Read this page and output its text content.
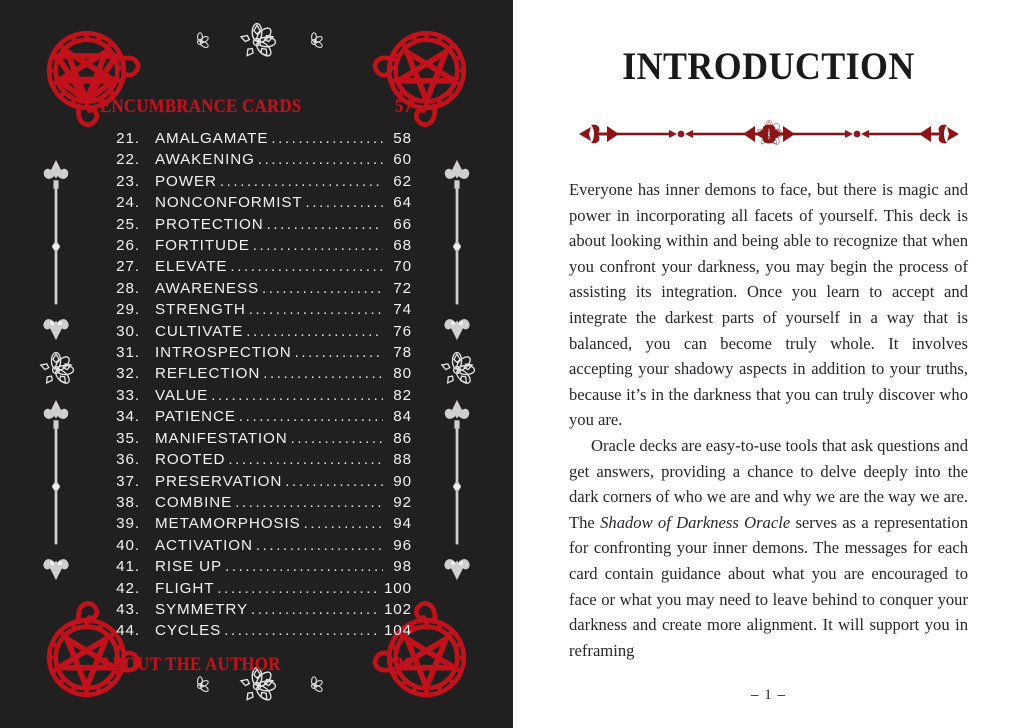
ENCUMBRANCE CARDS	57
21. AMALGAMATE .....	58
22. AWAKENING .....	60
23. POWER .....	62
24. NONCONFORMIST .....	64
25. PROTECTION .....	66
26. FORTITUDE .....	68
27. ELEVATE .....	70
28. AWARENESS .....	72
29. STRENGTH .....	74
30. CULTIVATE .....	76
31. INTROSPECTION .....	78
32. REFLECTION .....	80
33. VALUE .....	82
34. PATIENCE .....	84
35. MANIFESTATION .....	86
36. ROOTED .....	88
37. PRESERVATION .....	90
38. COMBINE .....	92
39. METAMORPHOSIS .....	94
40. ACTIVATION .....	96
41. RISE UP .....	98
42. FLIGHT .....	100
43. SYMMETRY .....	102
44. CYCLES .....	104
ABOUT THE AUTHOR	106
INTRODUCTION

Everyone has inner demons to face, but there is magic and power in incorporating all facets of yourself. This deck is about looking within and being able to recognize that when you confront your darkness, you may begin the process of assisting its integration. Once you learn to accept and integrate the darkest parts of yourself in a way that is balanced, you can become truly whole. It involves accepting your shadowy aspects in addition to your truths, because it’s in the darkness that you can truly discover who you are.

Oracle decks are easy-to-use tools that ask questions and get answers, providing a chance to delve deeply into the dark corners of who we are and why we are the way we are. The Shadow of Darkness Oracle serves as a representation for confronting your inner demons. The messages for each card contain guidance about what you are encouraged to face or what you may need to leave behind to conquer your darkness and create more alignment. It will support you in reframing

– 1 –
